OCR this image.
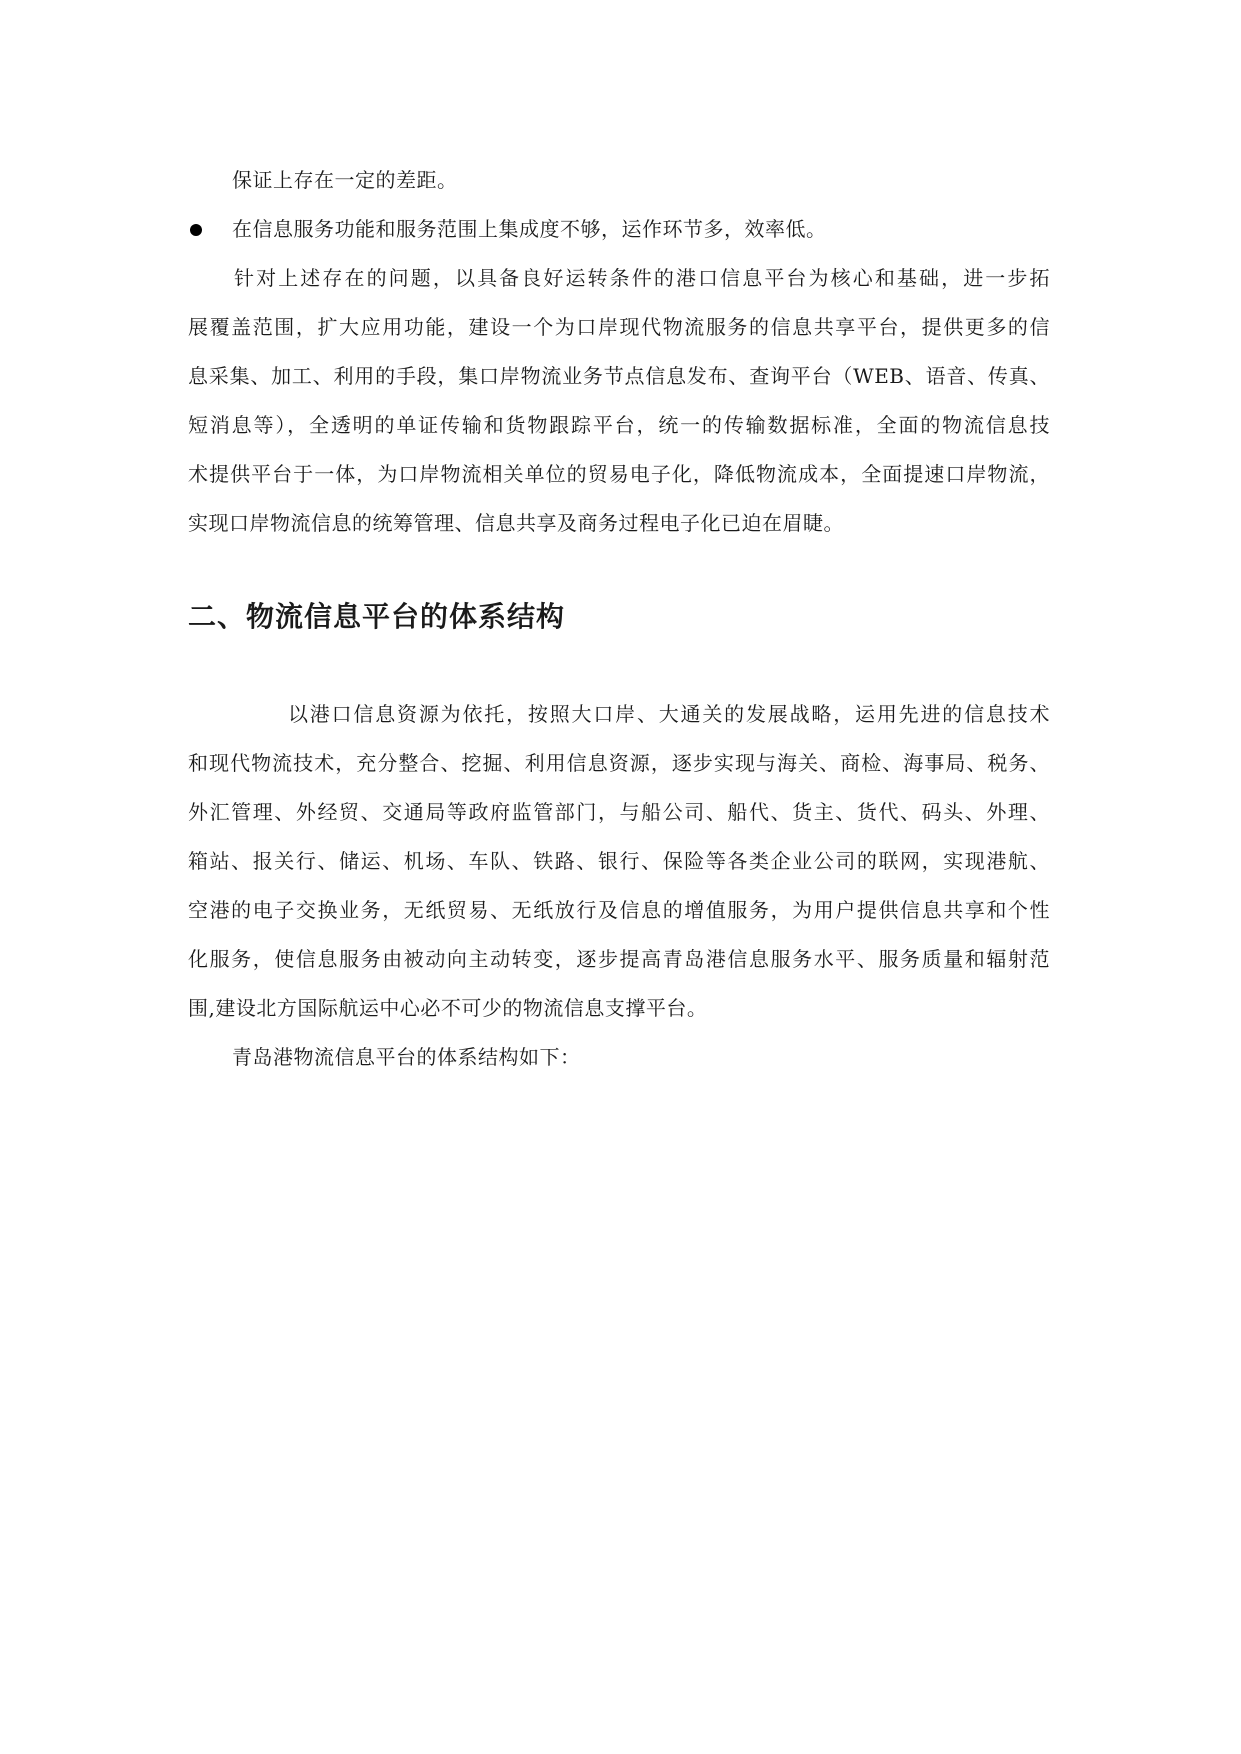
保证上存在一定的差距。
在信息服务功能和服务范围上集成度不够，运作环节多，效率低。
针对上述存在的问题，以具备良好运转条件的港口信息平台为核心和基础，进一步拓
展覆盖范围，扩大应用功能，建设一个为口岸现代物流服务的信息共享平台，提供更多的信
息采集、加工、利用的手段，集口岸物流业务节点信息发布、查询平台（WEB、语音、传真、
短消息等），全透明的单证传输和货物跟踪平台，统一的传输数据标准，全面的物流信息技
术提供平台于一体，为口岸物流相关单位的贸易电子化，降低物流成本，全面提速口岸物流，
实现口岸物流信息的统筹管理、信息共享及商务过程电子化已迫在眉睫。
二、物流信息平台的体系结构
以港口信息资源为依托，按照大口岸、大通关的发展战略，运用先进的信息技术
和现代物流技术，充分整合、挖掘、利用信息资源，逐步实现与海关、商检、海事局、税务、
外汇管理、外经贸、交通局等政府监管部门，与船公司、船代、货主、货代、码头、外理、
箱站、报关行、储运、机场、车队、铁路、银行、保险等各类企业公司的联网，实现港航、
空港的电子交换业务，无纸贸易、无纸放行及信息的增值服务，为用户提供信息共享和个性
化服务，使信息服务由被动向主动转变，逐步提高青岛港信息服务水平、服务质量和辐射范
围,建设北方国际航运中心必不可少的物流信息支撑平台。
青岛港物流信息平台的体系结构如下：
